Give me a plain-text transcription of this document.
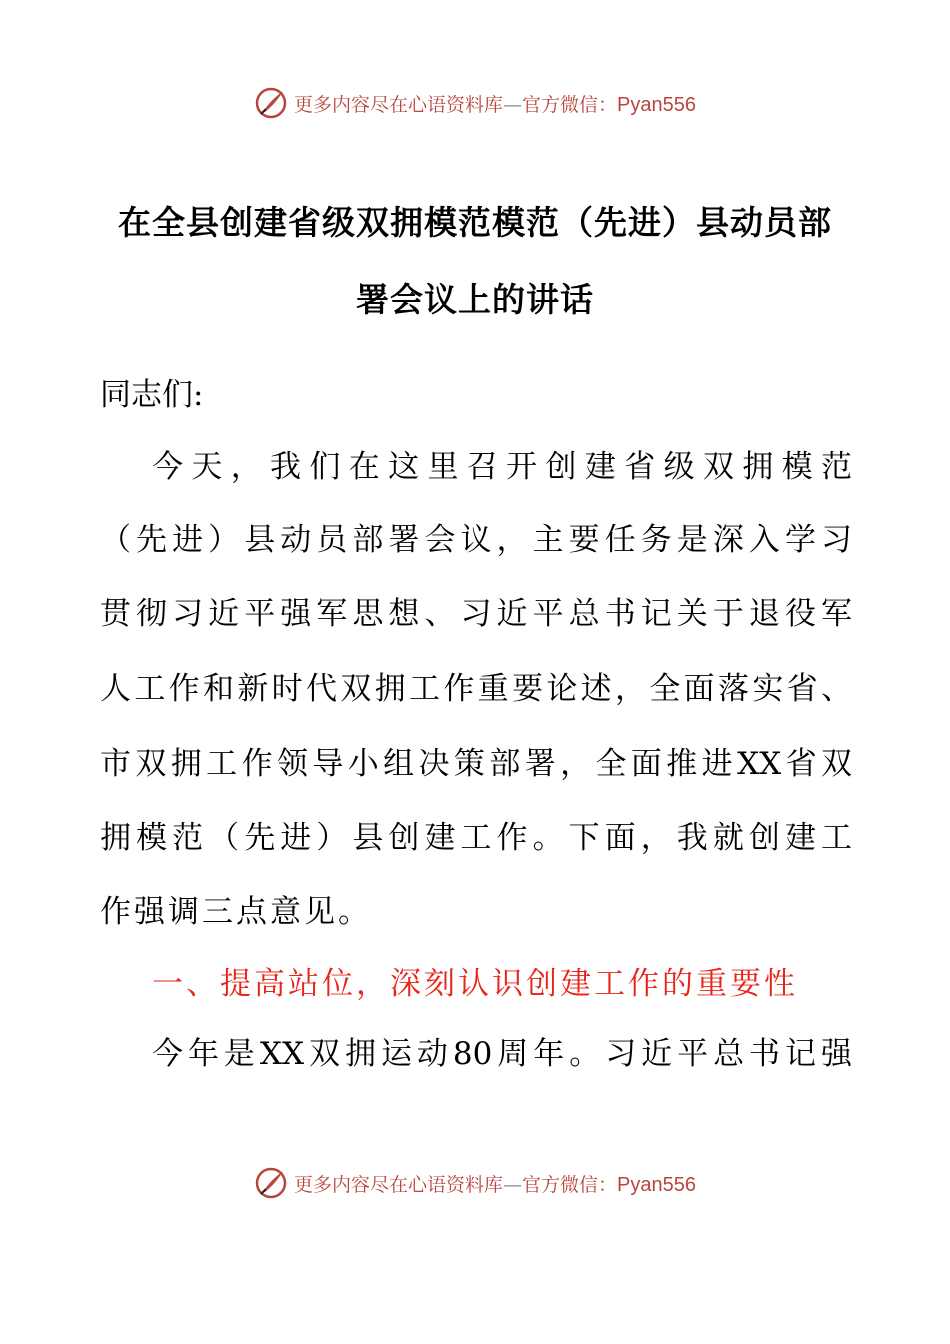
更多内容尽在心语资料库—官方微信：Pyan556
在全县创建省级双拥模范模范（先进）县动员部
署会议上的讲话
同志们:
今天，我们在这里召开创建省级双拥模范
（先进）县动员部署会议，主要任务是深入学习
贯彻习近平强军思想、习近平总书记关于退役军
人工作和新时代双拥工作重要论述，全面落实省、
市双拥工作领导小组决策部署，全面推进XX省双
拥模范（先进）县创建工作。下面，我就创建工
作强调三点意见。
一、提高站位，深刻认识创建工作的重要性
今年是XX双拥运动80周年。习近平总书记强
更多内容尽在心语资料库—官方微信：Pyan556
